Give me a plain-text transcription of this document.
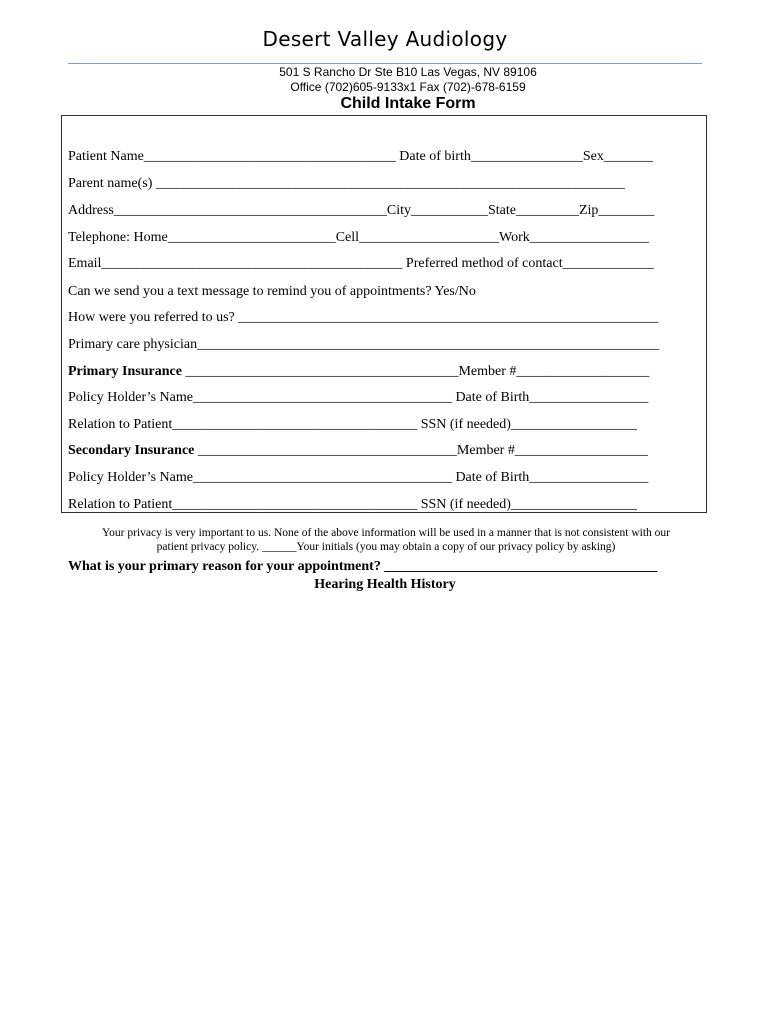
Desert Valley Audiology
501 S Rancho Dr Ste B10 Las Vegas, NV 89106
Office (702)605-9133x1 Fax (702)-678-6159
Child Intake Form
Patient Name____________________________________ Date of birth________________Sex_______
Parent name(s) ___________________________________________________________________
Address_______________________________________City___________State_________Zip________
Telephone: Home________________________Cell____________________Work_________________
Email___________________________________________ Preferred method of contact_____________
Can we send you a text message to remind you of appointments? Yes/No
How were you referred to us? ____________________________________________________________
Primary care physician__________________________________________________________________
Primary Insurance _______________________________________Member #___________________
Policy Holder’s Name_____________________________________ Date of Birth_________________
Relation to Patient___________________________________ SSN (if needed)__________________
Secondary Insurance _____________________________________Member #___________________
Policy Holder’s Name_____________________________________ Date of Birth_________________
Relation to Patient___________________________________ SSN (if needed)__________________
Your privacy is very important to us. None of the above information will be used in a manner that is not consistent with our
patient privacy policy. ______Your initials (you may obtain a copy of our privacy policy by asking)
What is your primary reason for your appointment? _______________________________________
Hearing Health History
